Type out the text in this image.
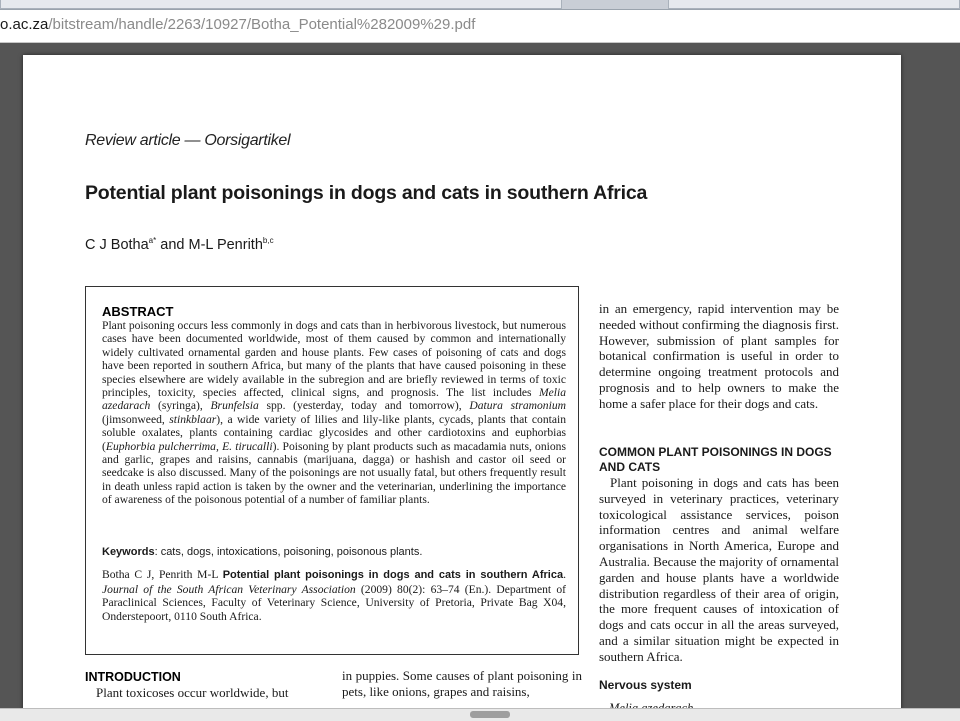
o.ac.za/bitstream/handle/2263/10927/Botha_Potential%282009%29.pdf
Review article — Oorsigartikel
Potential plant poisonings in dogs and cats in southern Africa
C J Botha$^{a*}$ and M-L Penrith$^{b,c}$
ABSTRACT
Plant poisoning occurs less commonly in dogs and cats than in herbivorous livestock, but numerous cases have been documented worldwide, most of them caused by common and internationally widely cultivated ornamental garden and house plants. Few cases of poisoning of cats and dogs have been reported in southern Africa, but many of the plants that have caused poisoning in these species elsewhere are widely available in the subregion and are briefly reviewed in terms of toxic principles, toxicity, species affected, clinical signs, and prognosis. The list includes Melia azedarach (syringa), Brunfelsia spp. (yesterday, today and tomorrow), Datura stramonium (jimsonweed, stinkblaar), a wide variety of lilies and lily-like plants, cycads, plants that contain soluble oxalates, plants containing cardiac glycosides and other cardiotoxins and euphorbias (Euphorbia pulcherrima, E. tirucalli). Poisoning by plant products such as macadamia nuts, onions and garlic, grapes and raisins, cannabis (marijuana, dagga) or hashish and castor oil seed or seedcake is also discussed. Many of the poisonings are not usually fatal, but others frequently result in death unless rapid action is taken by the owner and the veterinarian, underlining the importance of awareness of the poisonous potential of a number of familiar plants.
Keywords: cats, dogs, intoxications, poisoning, poisonous plants.
Botha C J, Penrith M-L Potential plant poisonings in dogs and cats in southern Africa. Journal of the South African Veterinary Association (2009) 80(2): 63–74 (En.). Department of Paraclinical Sciences, Faculty of Veterinary Science, University of Pretoria, Private Bag X04, Onderstepoort, 0110 South Africa.
in an emergency, rapid intervention may be needed without confirming the diagnosis first. However, submission of plant samples for botanical confirmation is useful in order to determine ongoing treatment protocols and prognosis and to help owners to make the home a safer place for their dogs and cats.
COMMON PLANT POISONINGS IN DOGS AND CATS
Plant poisoning in dogs and cats has been surveyed in veterinary practices, veterinary toxicological assistance services, poison information centres and animal welfare organisations in North America, Europe and Australia. Because the majority of ornamental garden and house plants have a worldwide distribution regardless of their area of origin, the more frequent causes of intoxication of dogs and cats occur in all the areas surveyed, and a similar situation might be expected in southern Africa.
Nervous system
INTRODUCTION
Plant toxicoses occur worldwide, but
in puppies. Some causes of plant poisoning in pets, like onions, grapes and raisins,
